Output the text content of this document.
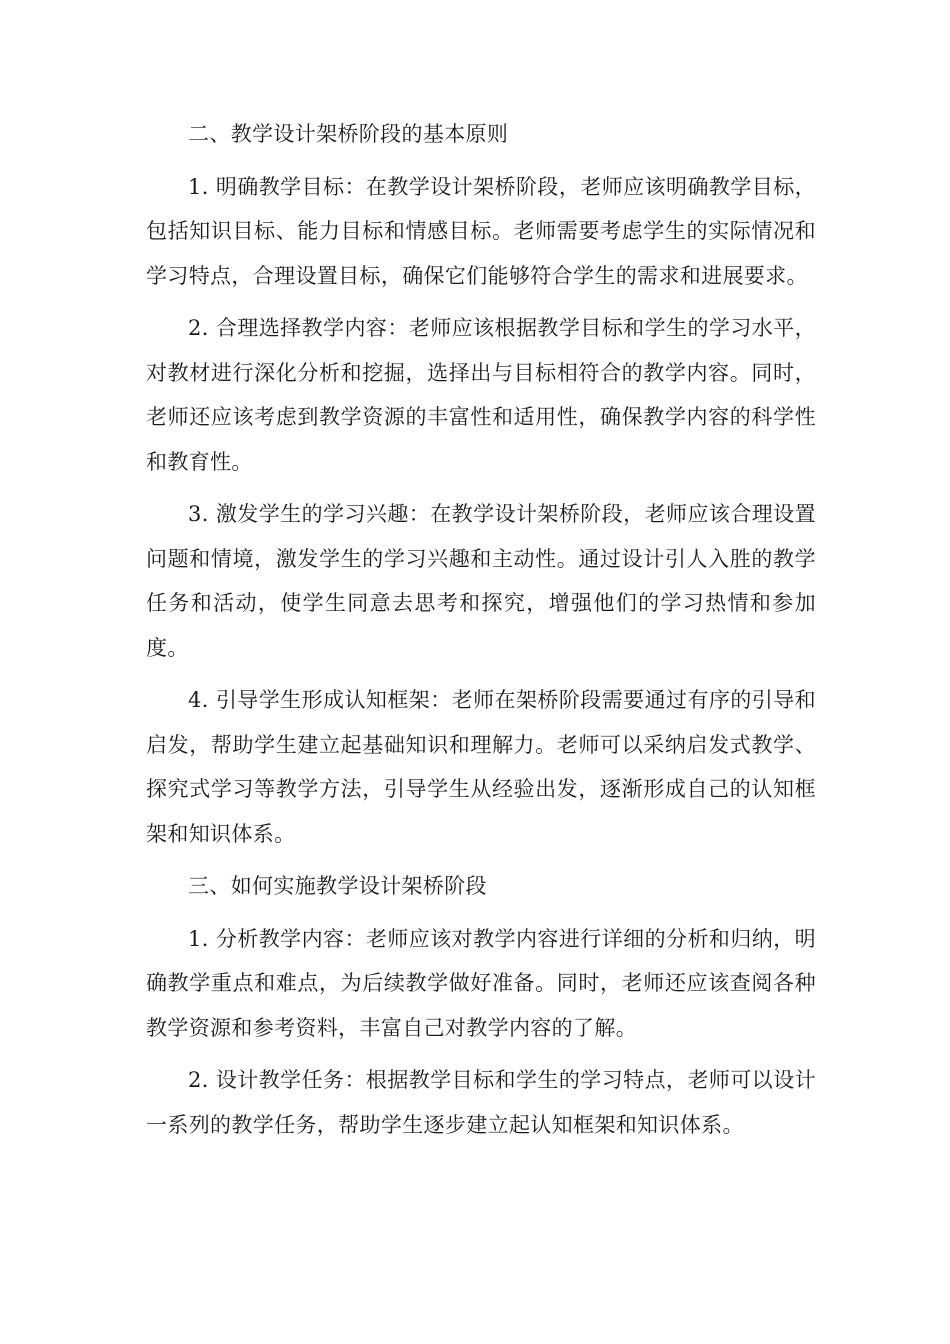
二、教学设计架桥阶段的基本原则

1. 明确教学目标：在教学设计架桥阶段，老师应该明确教学目标，包括知识目标、能力目标和情感目标。老师需要考虑学生的实际情况和学习特点，合理设置目标，确保它们能够符合学生的需求和进展要求。

2. 合理选择教学内容：老师应该根据教学目标和学生的学习水平，对教材进行深化分析和挖掘，选择出与目标相符合的教学内容。同时，老师还应该考虑到教学资源的丰富性和适用性，确保教学内容的科学性和教育性。

3. 激发学生的学习兴趣：在教学设计架桥阶段，老师应该合理设置问题和情境，激发学生的学习兴趣和主动性。通过设计引人入胜的教学任务和活动，使学生同意去思考和探究，增强他们的学习热情和参加度。

4. 引导学生形成认知框架：老师在架桥阶段需要通过有序的引导和启发，帮助学生建立起基础知识和理解力。老师可以采纳启发式教学、探究式学习等教学方法，引导学生从经验出发，逐渐形成自己的认知框架和知识体系。

三、如何实施教学设计架桥阶段

1. 分析教学内容：老师应该对教学内容进行详细的分析和归纳，明确教学重点和难点，为后续教学做好准备。同时，老师还应该查阅各种教学资源和参考资料，丰富自己对教学内容的了解。

2. 设计教学任务：根据教学目标和学生的学习特点，老师可以设计一系列的教学任务，帮助学生逐步建立起认知框架和知识体系。
